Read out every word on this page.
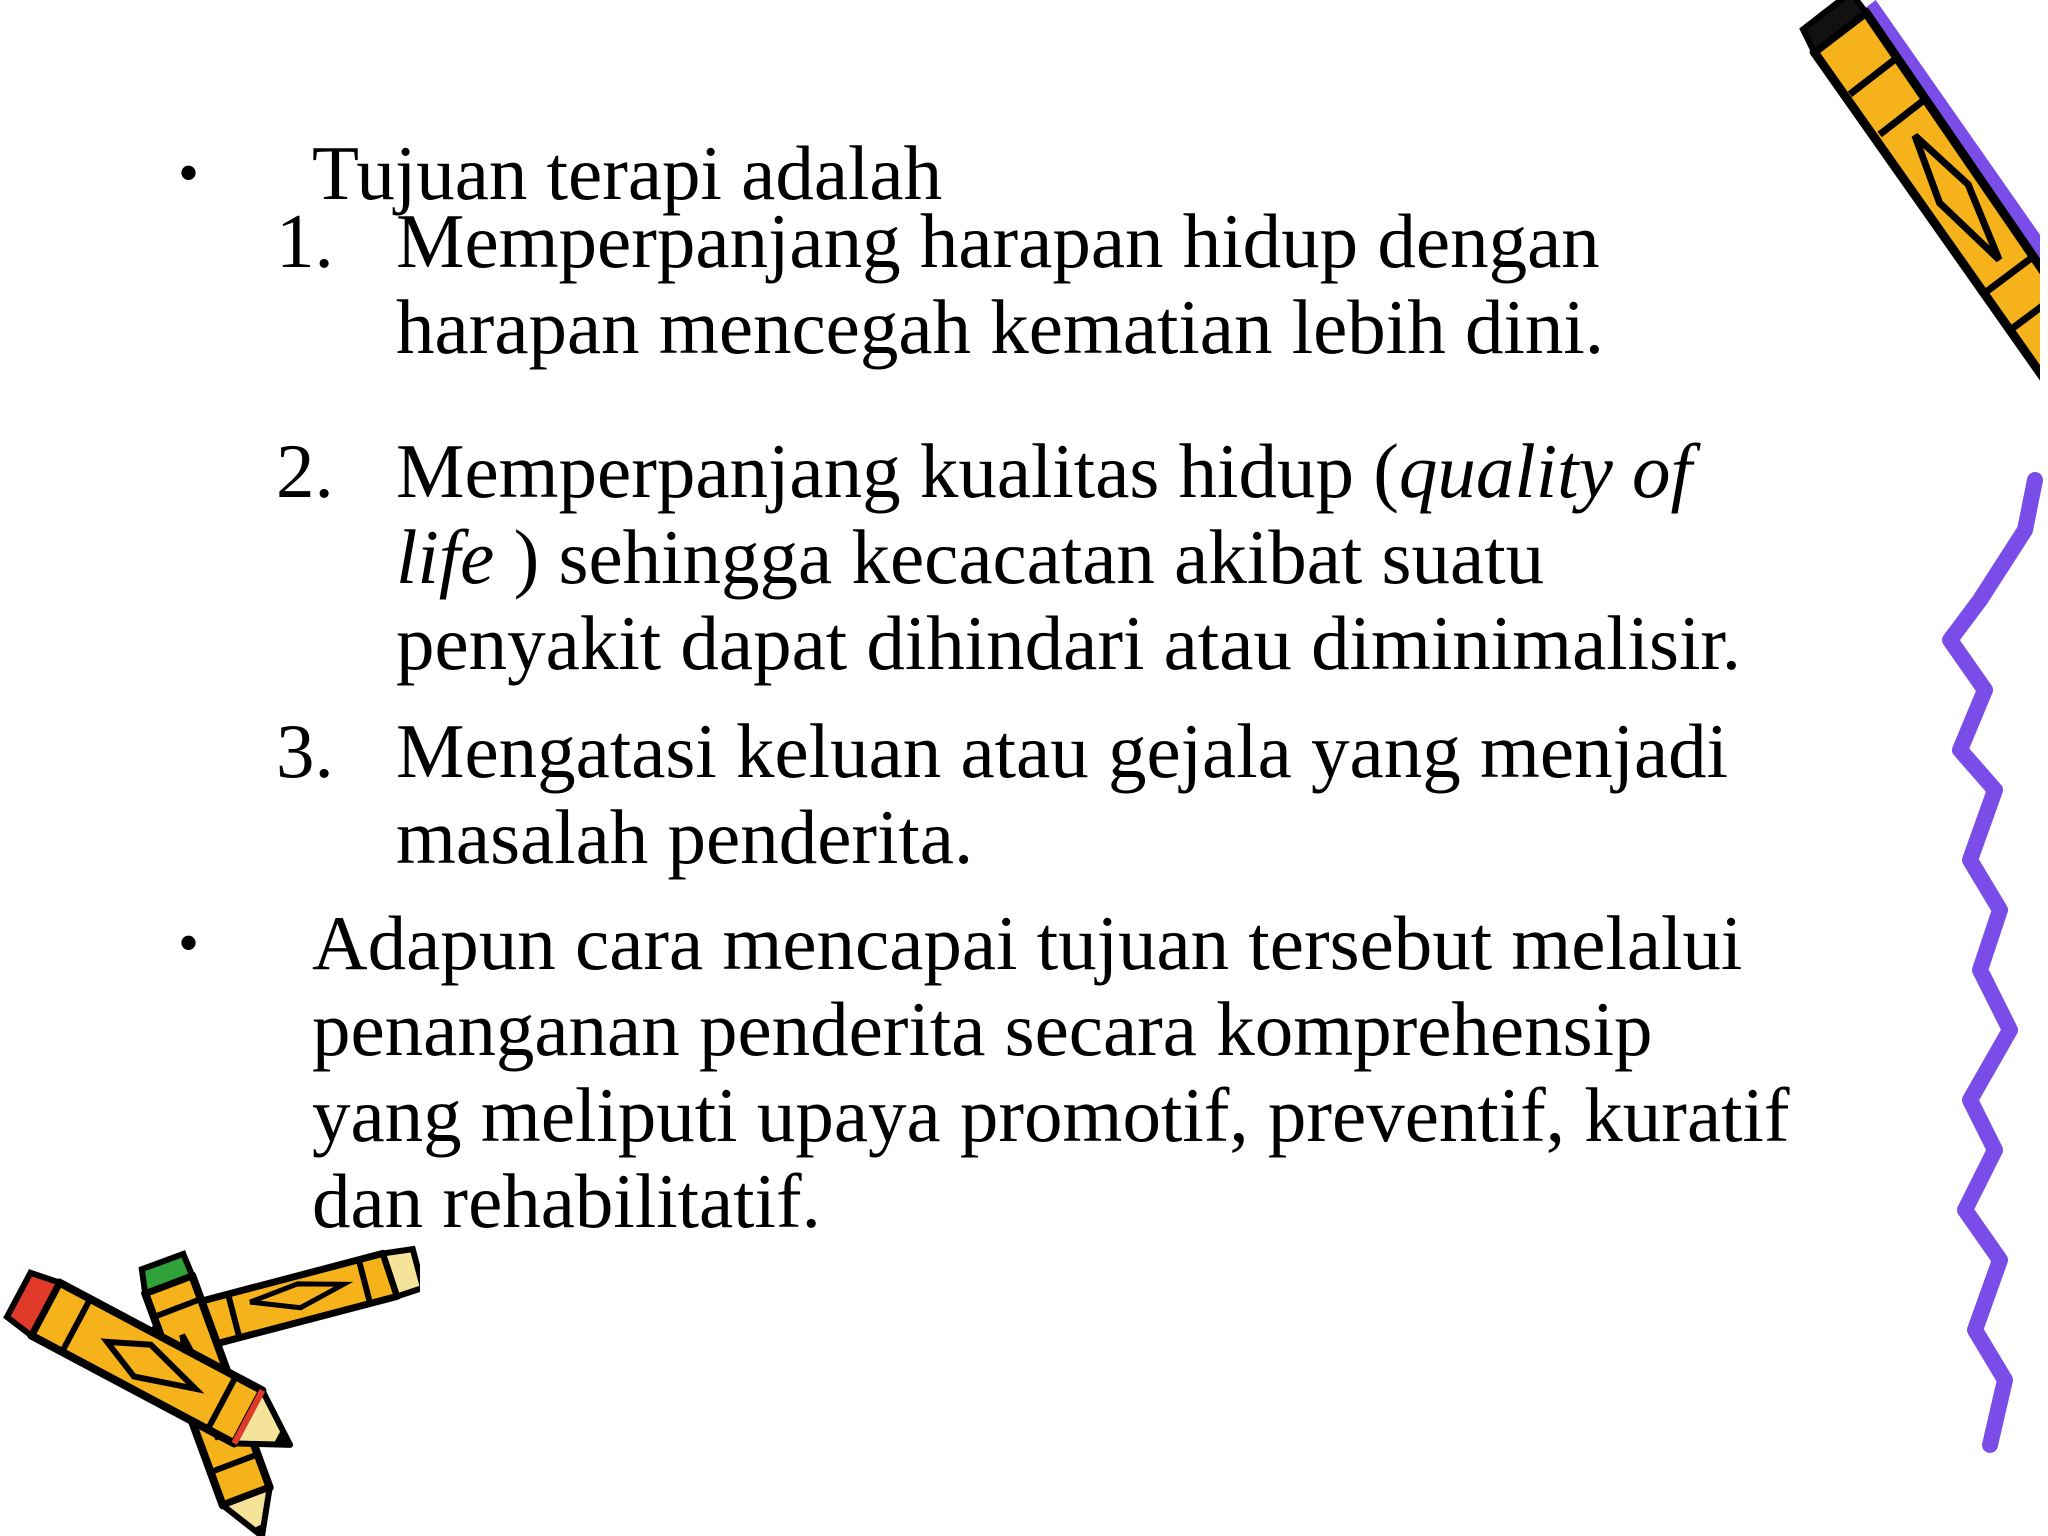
• Tujuan terapi adalah
1. Memperpanjang harapan hidup dengan
harapan mencegah kematian lebih dini.
2. Memperpanjang kualitas hidup (quality of
life ) sehingga kecacatan akibat suatu
penyakit dapat dihindari atau diminimalisir.
3. Mengatasi keluan atau gejala yang menjadi
masalah penderita.
• Adapun cara mencapai tujuan tersebut melalui
penanganan penderita secara komprehensip
yang meliputi upaya promotif, preventif, kuratif
dan rehabilitatif.
